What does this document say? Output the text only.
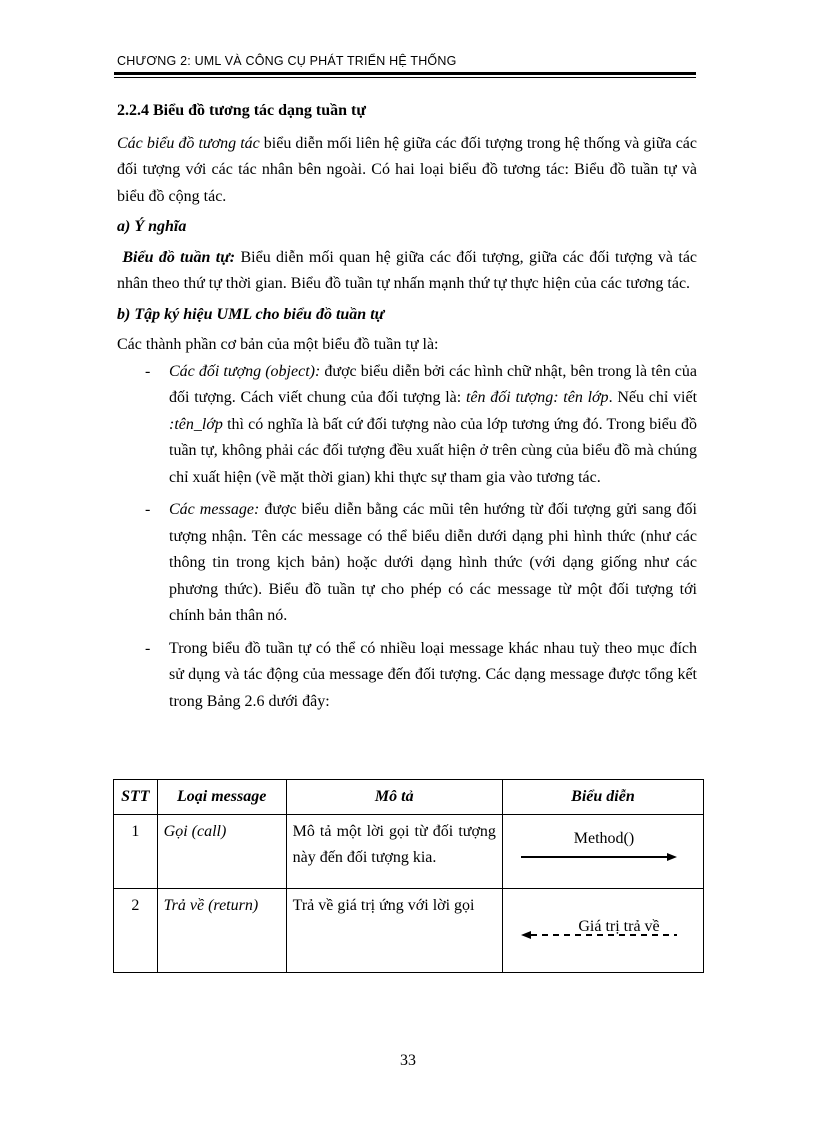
CHƯƠNG 2: UML VÀ CÔNG CỤ PHÁT TRIỂN HỆ THỐNG

2.2.4 Biểu đồ tương tác dạng tuần tự

Các biểu đồ tương tác biểu diễn mối liên hệ giữa các đối tượng trong hệ thống và giữa các đối tượng với các tác nhân bên ngoài. Có hai loại biểu đồ tương tác: Biểu đồ tuần tự và biểu đồ cộng tác.

a) Ý nghĩa

Biểu đồ tuần tự: Biểu diễn mối quan hệ giữa các đối tượng, giữa các đối tượng và tác nhân theo thứ tự thời gian. Biểu đồ tuần tự nhấn mạnh thứ tự thực hiện của các tương tác.

b) Tập ký hiệu UML cho biểu đồ tuần tự

Các thành phần cơ bản của một biểu đồ tuần tự là:

- Các đối tượng (object): được biểu diễn bởi các hình chữ nhật, bên trong là tên của đối tượng. Cách viết chung của đối tượng là: tên đối tượng: tên lớp. Nếu chỉ viết :tên_lớp thì có nghĩa là bất cứ đối tượng nào của lớp tương ứng đó. Trong biểu đồ tuần tự, không phải các đối tượng đều xuất hiện ở trên cùng của biểu đồ mà chúng chỉ xuất hiện (về mặt thời gian) khi thực sự tham gia vào tương tác.
- Các message: được biểu diễn bằng các mũi tên hướng từ đối tượng gửi sang đối tượng nhận. Tên các message có thể biểu diễn dưới dạng phi hình thức (như các thông tin trong kịch bản) hoặc dưới dạng hình thức (với dạng giống như các phương thức). Biểu đồ tuần tự cho phép có các message từ một đối tượng tới chính bản thân nó.
- Trong biểu đồ tuần tự có thể có nhiều loại message khác nhau tuỳ theo mục đích sử dụng và tác động của message đến đối tượng. Các dạng message được tổng kết trong Bảng 2.6 dưới đây:
STT	Loại message	Mô tả	Biểu diễn
1	Gọi (call)	Mô tả một lời gọi từ đối tượng này đến đối tượng kia.	Method()

2	Trả về (return)	Trả về giá trị ứng với lời gọi	Giá trị trả về
33
